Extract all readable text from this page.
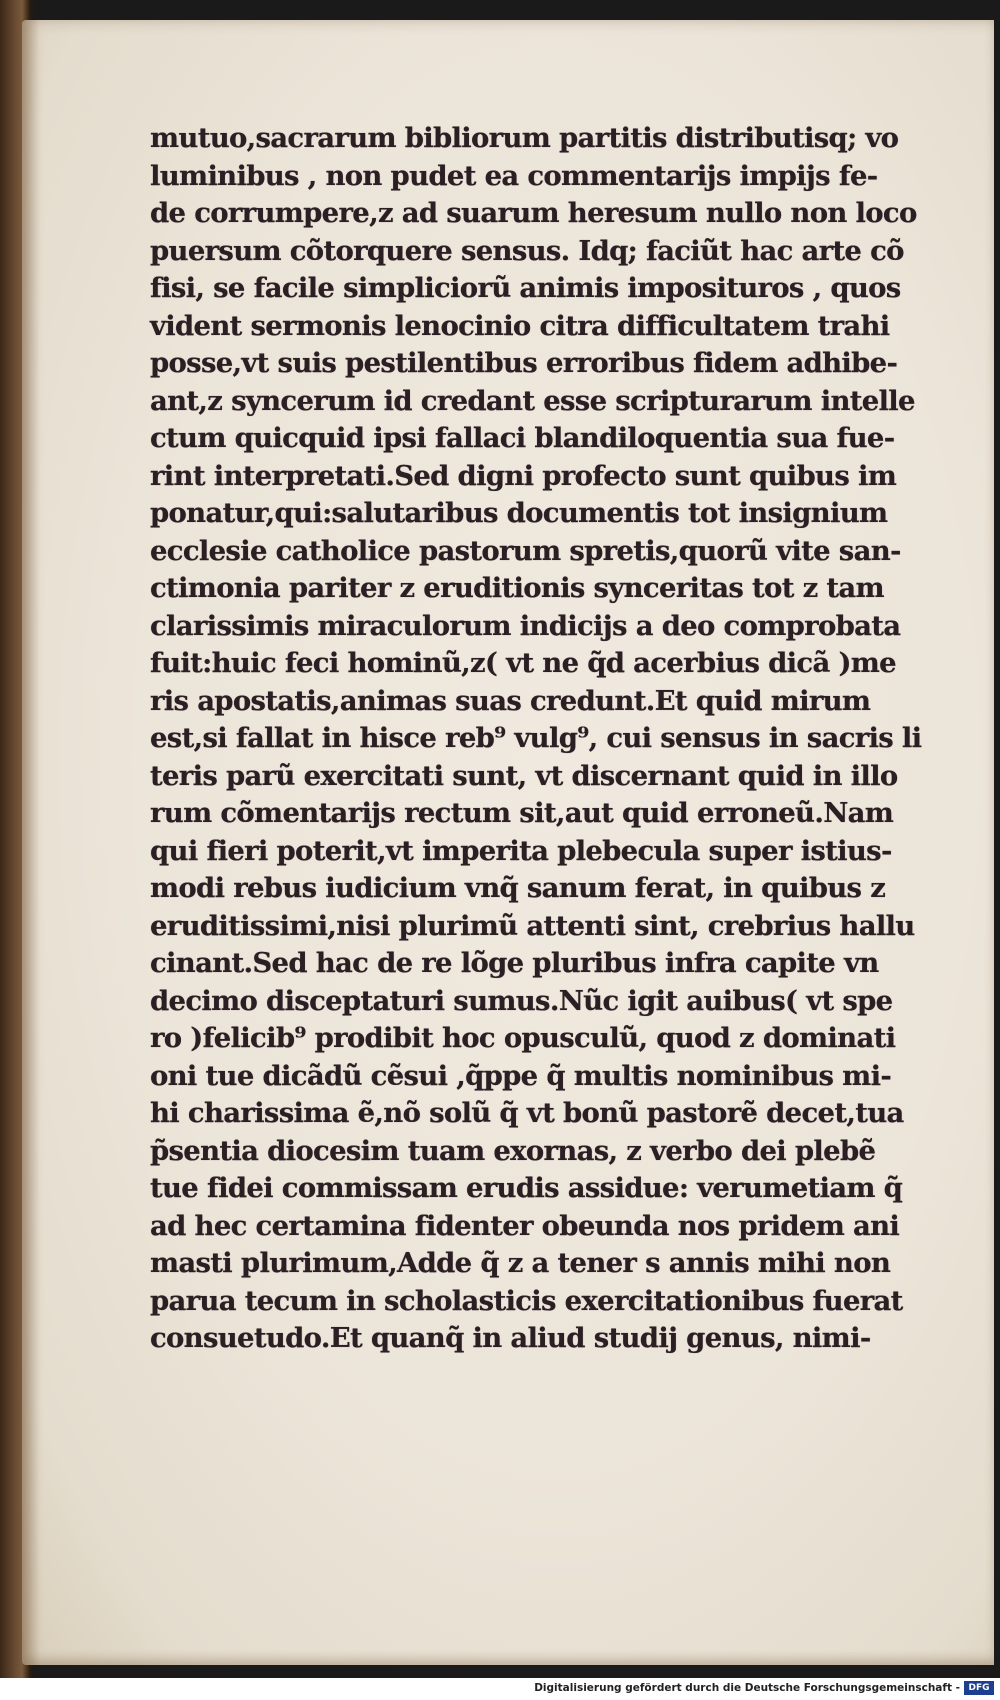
mutuo,sacrarum bibliorum partitis distributisq; vo
luminibus , non pudet ea commentarijs impijs fe-
de corrumpere,z ad suarum heresum nullo non loco
puersum cõtorquere sensus. Idq; faciũt hac arte cõ
fisi, se facile simpliciorũ animis imposituros , quos
vident sermonis lenocinio citra difficultatem trahi
posse,vt suis pestilentibus erroribus fidem adhibe-
ant,z syncerum id credant esse scripturarum intelle
ctum quicquid ipsi fallaci blandiloquentia sua fue-
rint interpretati.Sed digni profecto sunt quibus im
ponatur,qui:salutaribus documentis tot insignium
ecclesie catholice pastorum spretis,quorũ vite san-
ctimonia pariter z eruditionis synceritas tot z tam
clarissimis miraculorum indicijs a deo comprobata
fuit:huic feci hominũ,z( vt ne q̃d acerbius dicã )me
ris apostatis,animas suas credunt.Et quid mirum
est,si fallat in hisce reb⁹ vulg⁹, cui sensus in sacris li
teris parũ exercitati sunt, vt discernant quid in illo
rum cõmentarijs rectum sit,aut quid erroneũ.Nam
qui fieri poterit,vt imperita plebecula super istius-
modi rebus iudicium vnq̃ sanum ferat, in quibus z
eruditissimi,nisi plurimũ attenti sint, crebrius hallu
cinant.Sed hac de re lõge pluribus infra capite vn
decimo disceptaturi sumus.Nũc igit auibus( vt spe
ro )felicib⁹ prodibit hoc opusculũ, quod z dominati
oni tue dicãdũ cẽsui ,q̃ppe q̃ multis nominibus mi-
hi charissima ẽ,nõ solũ q̃ vt bonũ pastorẽ decet,tua
p̃sentia diocesim tuam exornas, z verbo dei plebẽ
tue fidei commissam erudis assidue: verumetiam q̃
ad hec certamina fidenter obeunda nos pridem ani
masti plurimum,Adde q̃ z a tener s annis mihi non
parua tecum in scholasticis exercitationibus fuerat
consuetudo.Et quanq̃ in aliud studij genus, nimi-
Digitalisierung gefördert durch die Deutsche Forschungsgemeinschaft - DFG
